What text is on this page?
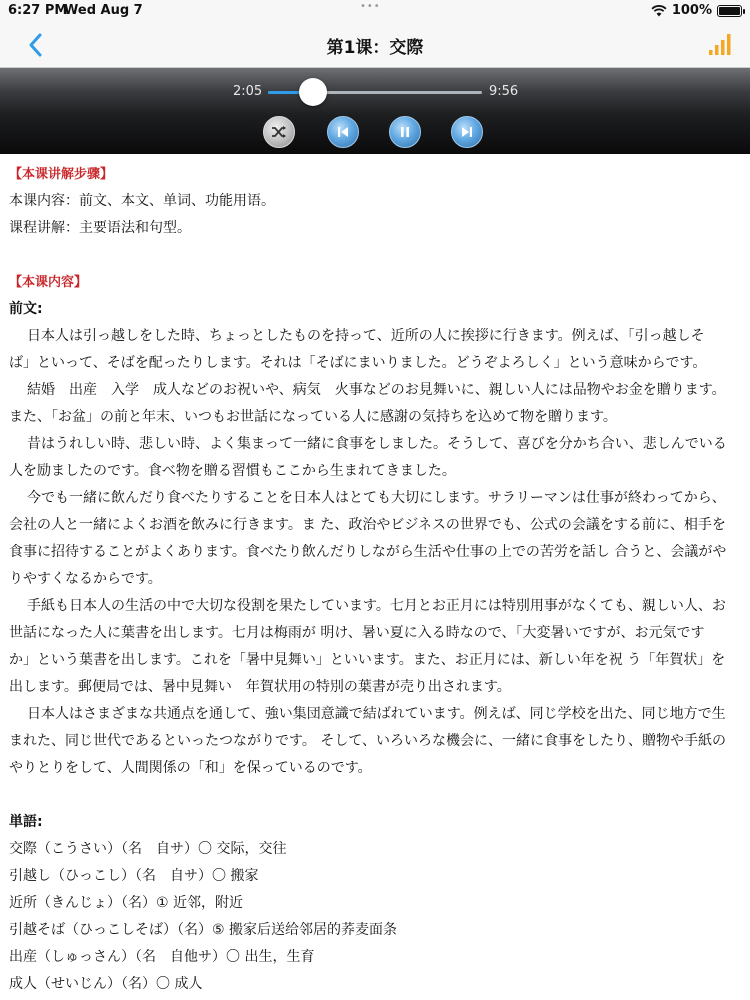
6:27 PM
Wed Aug 7	•••	100%
第1课：交際
2:05	9:56
【本课讲解步骤】
本课内容：前文、本文、单词、功能用语。
课程讲解：主要语法和句型。
【本课内容】
前文:
日本人は引っ越しをした時、ちょっとしたものを持って、近所の人に挨拶に行きます。例えば、「引っ越しそ
ば」といって、そばを配ったりします。それは「そばにまいりました。どうぞよろしく」という意味からです。
結婚　出産　入学　成人などのお祝いや、病気　火事などのお見舞いに、親しい人には品物やお金を贈ります。
また、「お盆」の前と年末、いつもお世話になっている人に感謝の気持ちを込めて物を贈ります。
昔はうれしい時、悲しい時、よく集まって一緒に食事をしました。そうして、喜びを分かち合い、悲しんでいる
人を励ましたのです。食べ物を贈る習慣もここから生まれてきました。
今でも一緒に飲んだり食べたりすることを日本人はとても大切にします。サラリーマンは仕事が終わってから、
会社の人と一緒によくお酒を飲みに行きます。ま た、政治やビジネスの世界でも、公式の会議をする前に、相手を
食事に招待することがよくあります。食べたり飲んだりしながら生活や仕事の上での苦労を話し 合うと、会議がや
りやすくなるからです。
手紙も日本人の生活の中で大切な役割を果たしています。七月とお正月には特別用事がなくても、親しい人、お
世話になった人に葉書を出します。七月は梅雨が 明け、暑い夏に入る時なので、「大変暑いですが、お元気です
か」という葉書を出します。これを「暑中見舞い」といいます。また、お正月には、新しい年を祝 う「年賀状」を
出します。郵便局では、暑中見舞い　年賀状用の特別の葉書が売り出されます。
日本人はさまざまな共通点を通して、強い集団意識で結ばれています。例えば、同じ学校を出た、同じ地方で生
まれた、同じ世代であるといったつながりです。 そして、いろいろな機会に、一緒に食事をしたり、贈物や手紙の
やりとりをして、人間関係の「和」を保っているのです。
単語:
交際（こうさい）（名　自サ）〇 交际，交往
引越し（ひっこし）（名　自サ）〇 搬家
近所（きんじょ）（名）① 近邻，附近
引越そば（ひっこしそば）（名）⑤ 搬家后送给邻居的荞麦面条
出産（しゅっさん）（名　自他サ）〇 出生，生育
成人（せいじん）（名）〇 成人
